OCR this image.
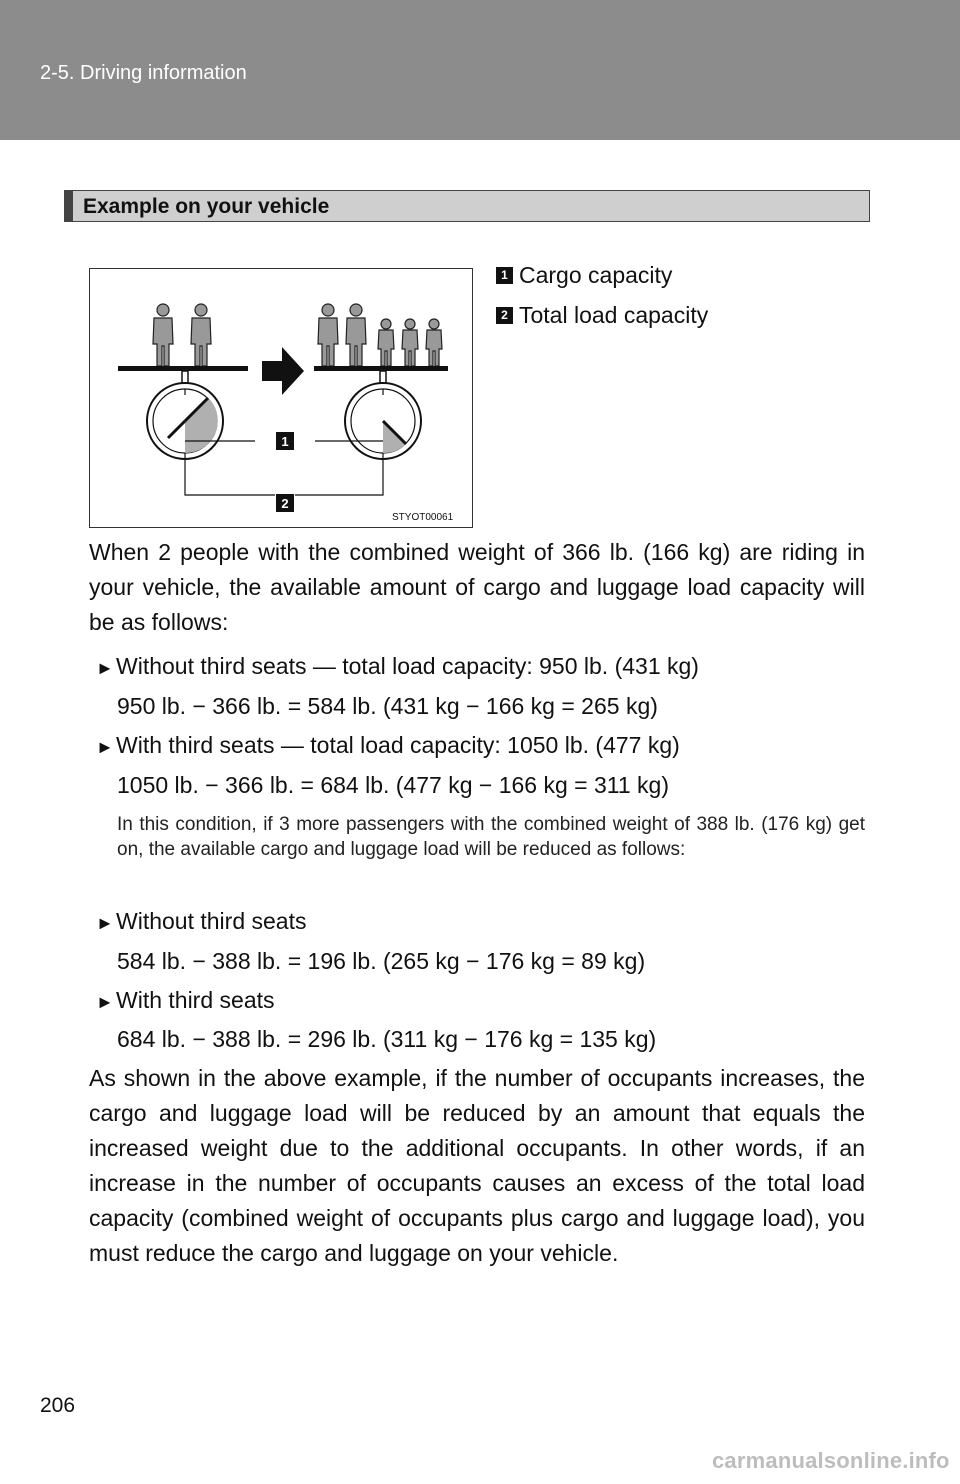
2-5. Driving information
Example on your vehicle
1
2
STYOT00061
1 Cargo capacity
2 Total load capacity
When 2 people with the combined weight of 366 lb. (166 kg) are riding in your vehicle, the available amount of cargo and luggage load capacity will be as follows:
►Without third seats — total load capacity: 950 lb. (431 kg)
950 lb. − 366 lb. = 584 lb. (431 kg − 166 kg = 265 kg)
►With third seats — total load capacity: 1050 lb. (477 kg)
1050 lb. − 366 lb. = 684 lb. (477 kg − 166 kg = 311 kg)
In this condition, if 3 more passengers with the combined weight of 388 lb. (176 kg) get on, the available cargo and luggage load will be reduced as follows:
►Without third seats
584 lb. − 388 lb. = 196 lb. (265 kg − 176 kg = 89 kg)
►With third seats
684 lb. − 388 lb. = 296 lb. (311 kg − 176 kg = 135 kg)
As shown in the above example, if the number of occupants increases, the cargo and luggage load will be reduced by an amount that equals the increased weight due to the additional occupants. In other words, if an increase in the number of occupants causes an excess of the total load capacity (combined weight of occupants plus cargo and luggage load), you must reduce the cargo and luggage on your vehicle.
206
carmanualsonline.info
